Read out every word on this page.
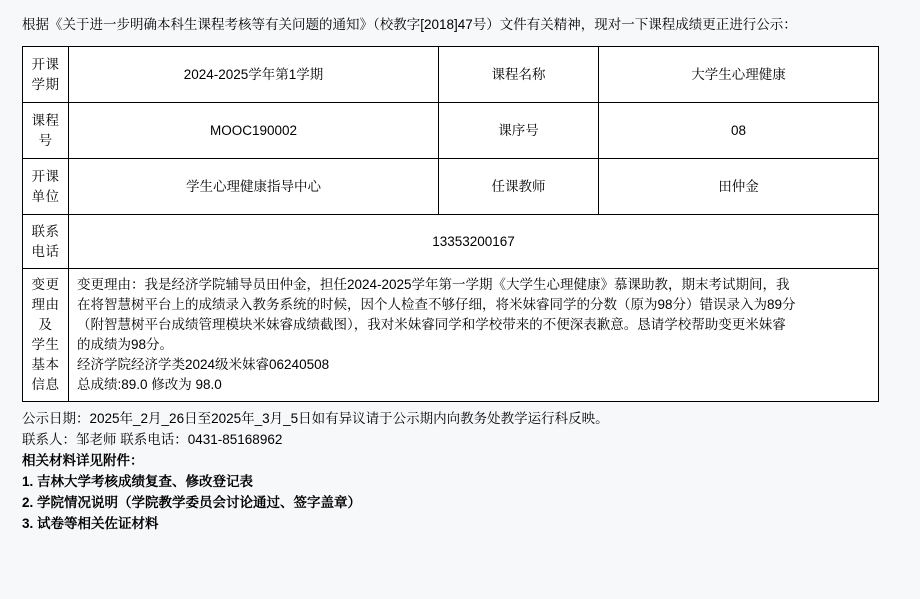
根据《关于进一步明确本科生课程考核等有关问题的通知》（校教字[2018]47号）文件有关精神，现对一下课程成绩更正进行公示：

开课
学期	2024-2025学年第1学期	课程名称	大学生心理健康

课程
号	MOOC190002	课序号	08

开课
单位	学生心理健康指导中心	任课教师	田仲金

联系
电话	13353200167		

变更
理由
及
学生
基本
信息

变更理由：我是经济学院辅导员田仲金，担任2024-2025学年第一学期《大学生心理健康》慕课助教，期末考试期间，我
在将智慧树平台上的成绩录入教务系统的时候，因个人检查不够仔细，将米妹睿同学的分数（原为98分）错误录入为89分
（附智慧树平台成绩管理模块米妹睿成绩截图），我对米妹睿同学和学校带来的不便深表歉意。恳请学校帮助变更米妹睿
的成绩为98分。
经济学院经济学类2024级米妹睿06240508
总成绩:89.0 修改为 98.0
公示日期：2025年_2月_26日至2025年_3月_5日如有异议请于公示期内向教务处教学运行科反映。
联系人：邹老师 联系电话：0431-85168962
相关材料详见附件：
1. 吉林大学考核成绩复查、修改登记表
2. 学院情况说明（学院教学委员会讨论通过、签字盖章）
3. 试卷等相关佐证材料
